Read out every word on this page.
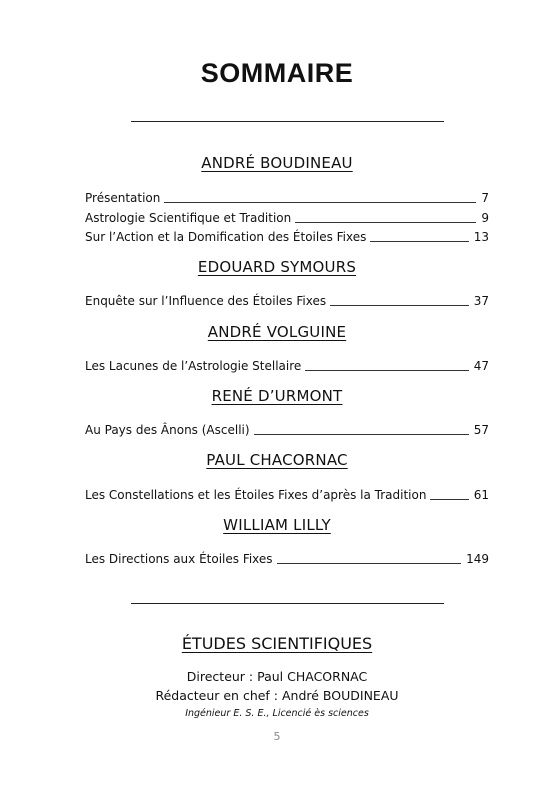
SOMMAIRE
ANDRÉ BOUDINEAU
Présentation	7
Astrologie Scientifique et Tradition	9
Sur l’Action et la Domification des Étoiles Fixes	13
EDOUARD SYMOURS
Enquête sur l’Influence des Étoiles Fixes	37
ANDRÉ VOLGUINE
Les Lacunes de l’Astrologie Stellaire	47
RENÉ D’URMONT
Au Pays des Ânons (Ascelli)	57
PAUL CHACORNAC
Les Constellations et les Étoiles Fixes d’après la Tradition	61
WILLIAM LILLY
Les Directions aux Étoiles Fixes	149
ÉTUDES SCIENTIFIQUES
Directeur : Paul CHACORNAC
Rédacteur en chef : André BOUDINEAU
Ingénieur E. S. E., Licencié ès sciences
5
